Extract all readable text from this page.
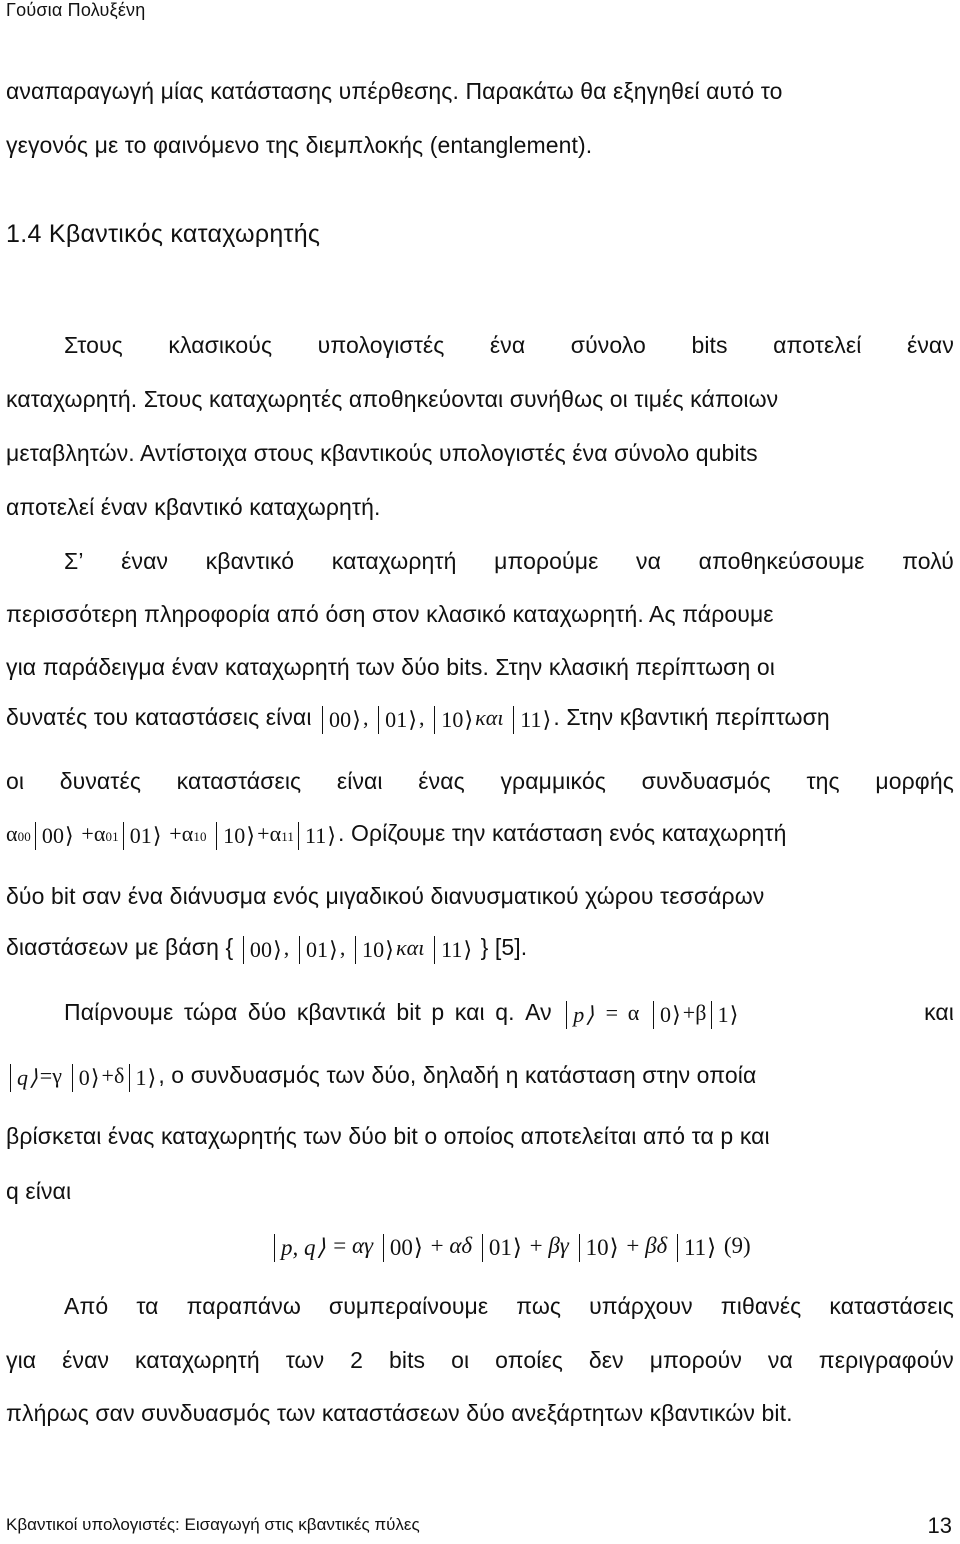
Γούσια Πολυξένη
αναπαραγωγή μίας κατάστασης υπέρθεσης. Παρακάτω θα εξηγηθεί αυτό το
γεγονός με το φαινόμενο της διεμπλοκής (entanglement).
1.4 Κβαντικός καταχωρητής
Στους κλασικούς υπολογιστές ένα σύνολο bits αποτελεί έναν
καταχωρητή. Στους καταχωρητές αποθηκεύονται συνήθως οι τιμές κάποιων
μεταβλητών. Αντίστοιχα στους κβαντικούς υπολογιστές ένα σύνολο qubits
αποτελεί έναν κβαντικό καταχωρητή.
Σ’ έναν κβαντικό καταχωρητή μπορούμε να αποθηκεύσουμε πολύ
περισσότερη πληροφορία από όση στον κλασικό καταχωρητή. Ας πάρουμε
για παράδειγμα έναν καταχωρητή των δύο bits. Στην κλασική περίπτωση οι
δυνατές του καταστάσεις είναι 00 ⟩ , 01 ⟩ , 10 ⟩ και 11 ⟩ . Στην κβαντική περίπτωση
οι δυνατές καταστάσεις είναι ένας γραμμικός συνδυασμός της μορφής
α00 00 ⟩ +α01 01 ⟩ +α10 10 ⟩ +α11 11 ⟩ . Ορίζουμε την κατάσταση ενός καταχωρητή
δύο bit σαν ένα διάνυσμα ενός μιγαδικού διανυσματικού χώρου τεσσάρων
διαστάσεων με βάση { 00 ⟩ , 01 ⟩ , 10 ⟩ και 11 ⟩ } [5].
Παίρνουμε τώρα δύο κβαντικά bit p και q. Αν p ⟩ = α 0 ⟩ +β 1 ⟩	και
q ⟩ =γ 0 ⟩ +δ 1 ⟩ , ο συνδυασμός των δύο, δηλαδή η κατάσταση στην οποία
βρίσκεται ένας καταχωρητής των δύο bit ο οποίος αποτελείται από τα p και
q είναι
p, q ⟩ = αγ 00 ⟩ + αδ 01 ⟩ + βγ 10 ⟩ + βδ 11 ⟩ (9)
Από τα παραπάνω συμπεραίνουμε πως υπάρχουν πιθανές καταστάσεις
για έναν καταχωρητή των 2 bits οι οποίες δεν μπορούν να περιγραφούν
πλήρως σαν συνδυασμός των καταστάσεων δύο ανεξάρτητων κβαντικών bit.
Κβαντικοί υπολογιστές: Εισαγωγή στις κβαντικές πύλες	13
